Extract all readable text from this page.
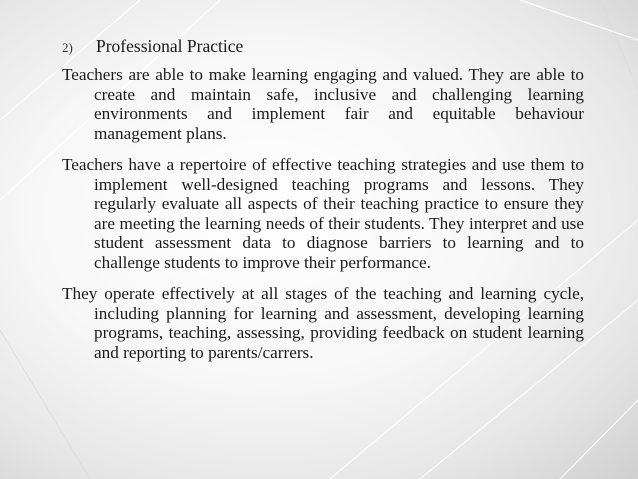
2)	Professional Practice

Teachers are able to make learning engaging and valued. They are able to create and maintain safe, inclusive and challenging learning environments and implement fair and equitable behaviour management plans.

Teachers have a repertoire of effective teaching strategies and use them to implement well-designed teaching programs and lessons. They regularly evaluate all aspects of their teaching practice to ensure they are meeting the learning needs of their students. They interpret and use student assessment data to diagnose barriers to learning and to challenge students to improve their performance.

They operate effectively at all stages of the teaching and learning cycle, including planning for learning and assessment, developing learning programs, teaching, assessing, providing feedback on student learning and reporting to parents/carrers.
